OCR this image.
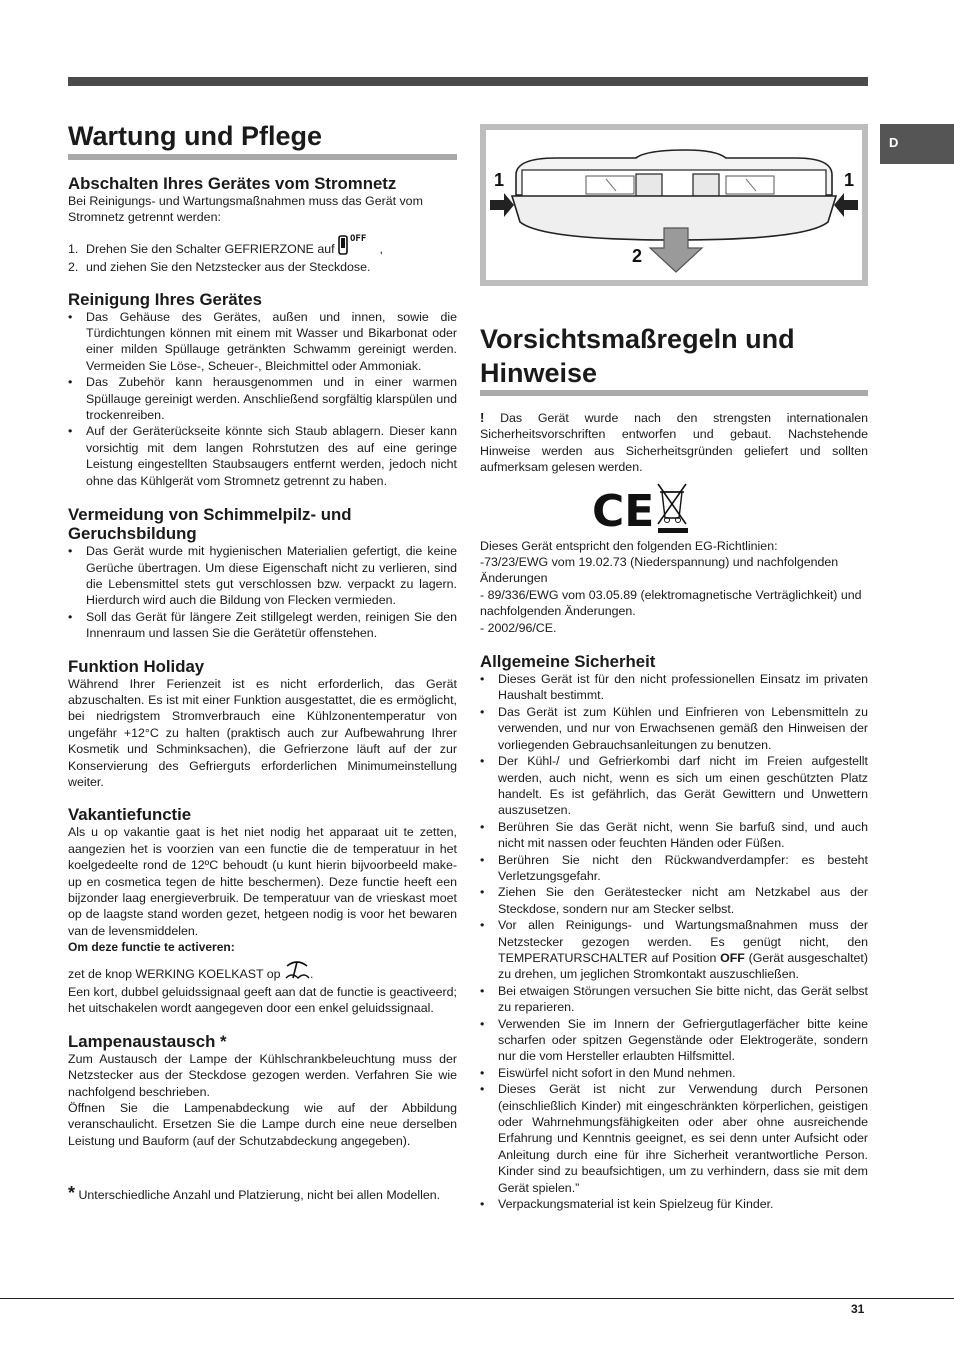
D
Wartung und Pflege
Abschalten Ihres Gerätes vom Stromnetz

Bei Reinigungs- und Wartungsmaßnahmen muss das Gerät vom Stromnetz getrennt werden:

1. Drehen Sie den Schalter GEFRIERZONE auf
OFF
,
2. und ziehen Sie den Netzstecker aus der Steckdose.
Reinigung Ihres Gerätes
• Das Gehäuse des Gerätes, außen und innen, sowie die Türdichtungen können mit einem mit Wasser und Bikarbonat oder einer milden Spüllauge getränkten Schwamm gereinigt werden. Vermeiden Sie Löse-, Scheuer-, Bleichmittel oder Ammoniak.
• Das Zubehör kann herausgenommen und in einer warmen Spüllauge gereinigt werden. Anschließend sorgfältig klarspülen und trockenreiben.
• Auf der Geräterückseite könnte sich Staub ablagern. Dieser kann vorsichtig mit dem langen Rohrstutzen des auf eine geringe Leistung eingestellten Staubsaugers entfernt werden, jedoch nicht ohne das Kühlgerät vom Stromnetz getrennt zu haben.
Vermeidung von Schimmelpilz- und Geruchsbildung
• Das Gerät wurde mit hygienischen Materialien gefertigt, die keine Gerüche übertragen. Um diese Eigenschaft nicht zu verlieren, sind die Lebensmittel stets gut verschlossen bzw. verpackt zu lagern. Hierdurch wird auch die Bildung von Flecken vermieden.
• Soll das Gerät für längere Zeit stillgelegt werden, reinigen Sie den Innenraum und lassen Sie die Gerätetür offenstehen.
Funktion Holiday

Während Ihrer Ferienzeit ist es nicht erforderlich, das Gerät abzuschalten. Es ist mit einer Funktion ausgestattet, die es ermöglicht, bei niedrigstem Stromverbrauch eine Kühlzonentemperatur von ungefähr +12°C zu halten (praktisch auch zur Aufbewahrung Ihrer Kosmetik und Schminksachen), die Gefrierzone läuft auf der zur Konservierung des Gefrierguts erforderlichen Minimumeinstellung weiter.

Vakantiefunctie

Als u op vakantie gaat is het niet nodig het apparaat uit te zetten, aangezien het is voorzien van een functie die de temperatuur in het koelgedeelte rond de 12ºC behoudt (u kunt hierin bijvoorbeeld make-up en cosmetica tegen de hitte beschermen). Deze functie heeft een bijzonder laag energieverbruik. De temperatuur van de vrieskast moet op de laagste stand worden gezet, hetgeen nodig is voor het bewaren van de levensmiddelen.

Om deze functie te activeren:

zet de knop WERKING KOELKAST op .

Een kort, dubbel geluidssignaal geeft aan dat de functie is geactiveerd; het uitschakelen wordt aangegeven door een enkel geluidssignaal.

Lampenaustausch *

Zum Austausch der Lampe der Kühlschrankbeleuchtung muss der Netzstecker aus der Steckdose gezogen werden. Verfahren Sie wie nachfolgend beschrieben.

Öffnen Sie die Lampenabdeckung wie auf der Abbildung veranschaulicht. Ersetzen Sie die Lampe durch eine neue derselben Leistung und Bauform (auf der Schutzabdeckung angegeben).

* Unterschiedliche Anzahl und Platzierung, nicht bei allen Modellen.

1	1
2
Vorsichtsmaßregeln und Hinweise

! Das Gerät wurde nach den strengsten internationalen Sicherheitsvorschriften entworfen und gebaut. Nachstehende Hinweise werden aus Sicherheitsgründen geliefert und sollten aufmerksam gelesen werden.

CE

Dieses Gerät entspricht den folgenden EG-Richtlinien:

-73/23/EWG vom 19.02.73 (Niederspannung) und nachfolgenden Änderungen

- 89/336/EWG vom 03.05.89 (elektromagnetische Verträglichkeit) und nachfolgenden Änderungen.

- 2002/96/CE.

Allgemeine Sicherheit
• Dieses Gerät ist für den nicht professionellen Einsatz im privaten Haushalt bestimmt.
• Das Gerät ist zum Kühlen und Einfrieren von Lebensmitteln zu verwenden, und nur von Erwachsenen gemäß den Hinweisen der vorliegenden Gebrauchsanleitungen zu benutzen.
• Der Kühl-/ und Gefrierkombi darf nicht im Freien aufgestellt werden, auch nicht, wenn es sich um einen geschützten Platz handelt. Es ist gefährlich, das Gerät Gewittern und Unwettern auszusetzen.
• Berühren Sie das Gerät nicht, wenn Sie barfuß sind, und auch nicht mit nassen oder feuchten Händen oder Füßen.
• Berühren Sie nicht den Rückwandverdampfer: es besteht Verletzungsgefahr.
• Ziehen Sie den Gerätestecker nicht am Netzkabel aus der Steckdose, sondern nur am Stecker selbst.
• Vor allen Reinigungs- und Wartungsmaßnahmen muss der Netzstecker gezogen werden. Es genügt nicht, den TEMPERATURSCHALTER auf Position OFF (Gerät ausgeschaltet) zu drehen, um jeglichen Stromkontakt auszuschließen.
• Bei etwaigen Störungen versuchen Sie bitte nicht, das Gerät selbst zu reparieren.
• Verwenden Sie im Innern der Gefriergutlagerfächer bitte keine scharfen oder spitzen Gegenstände oder Elektrogeräte, sondern nur die vom Hersteller erlaubten Hilfsmittel.
• Eiswürfel nicht sofort in den Mund nehmen.
• Dieses Gerät ist nicht zur Verwendung durch Personen (einschließlich Kinder) mit eingeschränkten körperlichen, geistigen oder Wahrnehmungsfähigkeiten oder aber ohne ausreichende Erfahrung und Kenntnis geeignet, es sei denn unter Aufsicht oder Anleitung durch eine für ihre Sicherheit verantwortliche Person. Kinder sind zu beaufsichtigen, um zu verhindern, dass sie mit dem Gerät spielen.”
• Verpackungsmaterial ist kein Spielzeug für Kinder.
31
